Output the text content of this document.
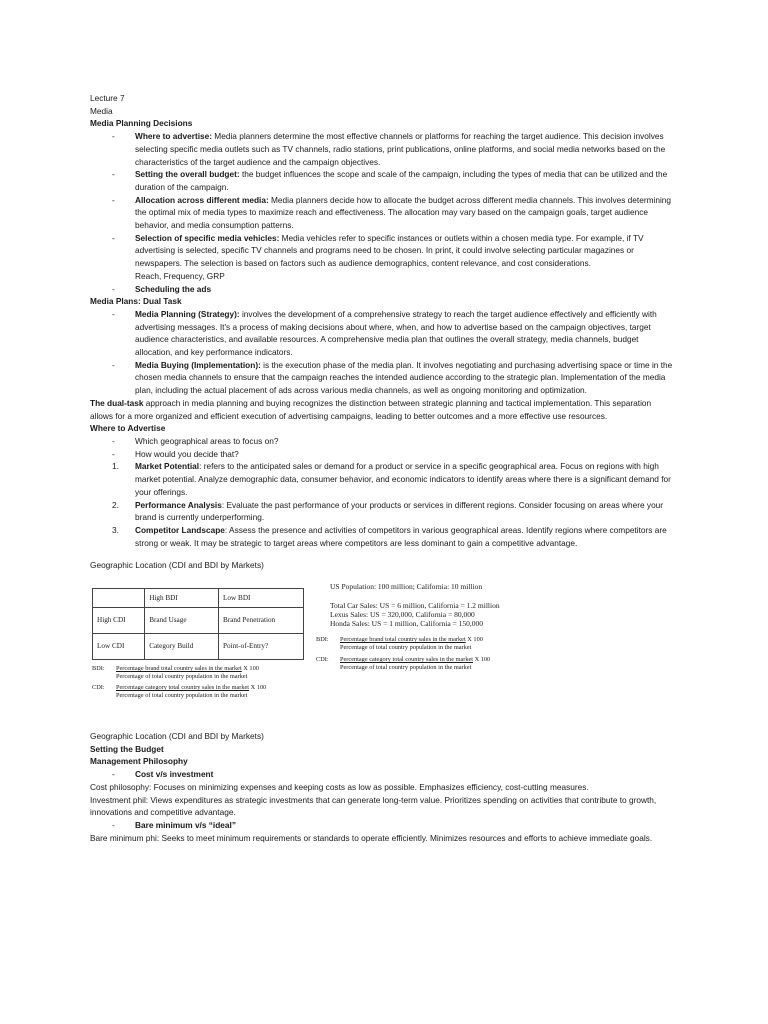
Lecture 7
Media
Media Planning Decisions
- Where to advertise: Media planners determine the most effective channels or platforms for reaching the target audience. This decision involves selecting specific media outlets such as TV channels, radio stations, print publications, online platforms, and social media networks based on the characteristics of the target audience and the campaign objectives.
- Setting the overall budget: the budget influences the scope and scale of the campaign, including the types of media that can be utilized and the duration of the campaign.
- Allocation across different media: Media planners decide how to allocate the budget across different media channels. This involves determining the optimal mix of media types to maximize reach and effectiveness. The allocation may vary based on the campaign goals, target audience behavior, and media consumption patterns.
- Selection of specific media vehicles: Media vehicles refer to specific instances or outlets within a chosen media type. For example, if TV advertising is selected, specific TV channels and programs need to be chosen. In print, it could involve selecting particular magazines or newspapers. The selection is based on factors such as audience demographics, content relevance, and cost considerations.
Reach, Frequency, GRP
- Scheduling the ads
Media Plans: Dual Task
- Media Planning (Strategy): involves the development of a comprehensive strategy to reach the target audience effectively and efficiently with advertising messages. It's a process of making decisions about where, when, and how to advertise based on the campaign objectives, target audience characteristics, and available resources. A comprehensive media plan that outlines the overall strategy, media channels, budget allocation, and key performance indicators.
- Media Buying (Implementation): is the execution phase of the media plan. It involves negotiating and purchasing advertising space or time in the chosen media channels to ensure that the campaign reaches the intended audience according to the strategic plan. Implementation of the media plan, including the actual placement of ads across various media channels, as well as ongoing monitoring and optimization.

The dual-task approach in media planning and buying recognizes the distinction between strategic planning and tactical implementation. This separation allows for a more organized and efficient execution of advertising campaigns, leading to better outcomes and a more effective use resources.

Where to Advertise
- Which geographical areas to focus on?
- How would you decide that?
1. Market Potential: refers to the anticipated sales or demand for a product or service in a specific geographical area. Focus on regions with high market potential. Analyze demographic data, consumer behavior, and economic indicators to identify areas where there is a significant demand for your offerings.
2. Performance Analysis: Evaluate the past performance of your products or services in different regions. Consider focusing on areas where your brand is currently underperforming.
3. Competitor Landscape: Assess the presence and activities of competitors in various geographical areas. Identify regions where competitors are strong or weak. It may be strategic to target areas where competitors are less dominant to gain a competitive advantage.
Geographic Location (CDI and BDI by Markets)
	High BDI	Low BDI
High CDI	Brand Usage	Brand Penetration
Low CDI	Category Build	Point-of-Entry?
BDI:	Percentage brand total country sales in the market
X 100
Percentage of total country population in the market
CDI:	Percentage category total country sales in the market
X 100
Percentage of total country population in the market
US Population: 100 million; California: 10 million
Total Car Sales: US = 6 million, California = 1.2 million
Lexus Sales: US = 320,000, California = 80,000
Honda Sales: US = 1 million, California = 150,000
BDI:	Percentage brand total country sales in the market
X 100
Percentage of total country population in the market
CDI:	Percentage category total country sales in the market
X 100
Percentage of total country population in the market
Geographic Location (CDI and BDI by Markets)
Setting the Budget
Management Philosophy
- Cost v/s investment

Cost philosophy: Focuses on minimizing expenses and keeping costs as low as possible. Emphasizes efficiency, cost-cutting measures.

Investment phil: Views expenditures as strategic investments that can generate long-term value. Prioritizes spending on activities that contribute to growth, innovations and competitive advantage.

- Bare minimum v/s “ideal”

Bare minimum phi: Seeks to meet minimum requirements or standards to operate efficiently. Minimizes resources and efforts to achieve immediate goals.
